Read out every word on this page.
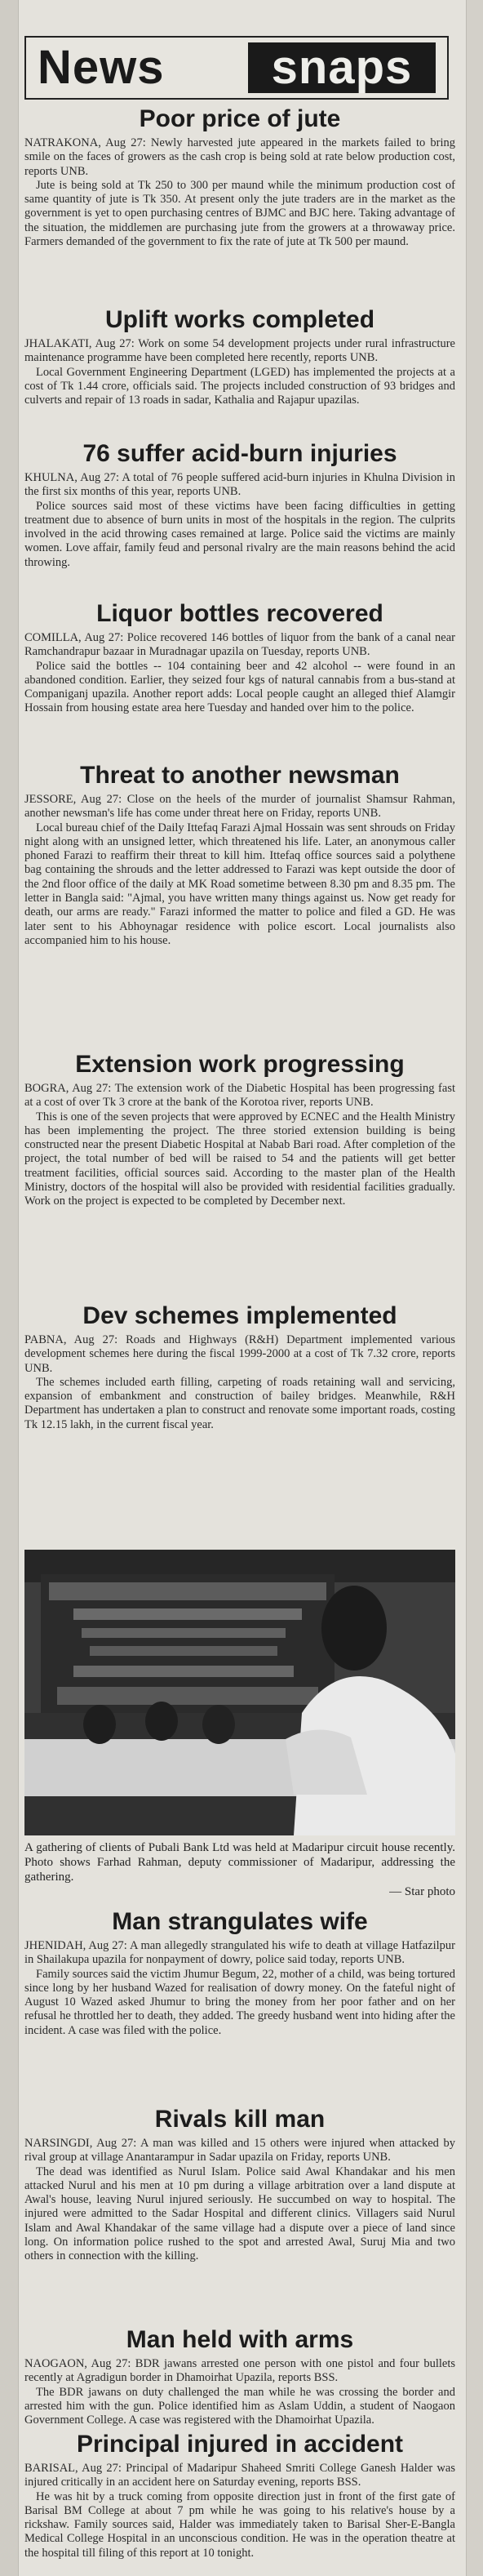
News	snaps
Poor price of jute

NATRAKONA, Aug 27: Newly harvested jute appeared in the markets failed to bring smile on the faces of growers as the cash crop is being sold at rate below production cost, reports UNB.

Jute is being sold at Tk 250 to 300 per maund while the minimum production cost of same quantity of jute is Tk 350. At present only the jute traders are in the market as the government is yet to open purchasing centres of BJMC and BJC here. Taking advantage of the situation, the middlemen are purchasing jute from the growers at a throwaway price. Farmers demanded of the government to fix the rate of jute at Tk 500 per maund.

Uplift works completed

JHALAKATI, Aug 27: Work on some 54 development projects under rural infrastructure maintenance programme have been completed here recently, reports UNB.

Local Government Engineering Department (LGED) has implemented the projects at a cost of Tk 1.44 crore, officials said. The projects included construction of 93 bridges and culverts and repair of 13 roads in sadar, Kathalia and Rajapur upazilas.

76 suffer acid-burn injuries

KHULNA, Aug 27: A total of 76 people suffered acid-burn injuries in Khulna Division in the first six months of this year, reports UNB.

Police sources said most of these victims have been facing difficulties in getting treatment due to absence of burn units in most of the hospitals in the region. The culprits involved in the acid throwing cases remained at large. Police said the victims are mainly women. Love affair, family feud and personal rivalry are the main reasons behind the acid throwing.

Liquor bottles recovered

COMILLA, Aug 27: Police recovered 146 bottles of liquor from the bank of a canal near Ramchandrapur bazaar in Muradnagar upazila on Tuesday, reports UNB.

Police said the bottles -- 104 containing beer and 42 alcohol -- were found in an abandoned condition. Earlier, they seized four kgs of natural cannabis from a bus-stand at Companiganj upazila. Another report adds: Local people caught an alleged thief Alamgir Hossain from housing estate area here Tuesday and handed over him to the police.

Threat to another newsman

JESSORE, Aug 27: Close on the heels of the murder of journalist Shamsur Rahman, another newsman's life has come under threat here on Friday, reports UNB.

Local bureau chief of the Daily Ittefaq Farazi Ajmal Hossain was sent shrouds on Friday night along with an unsigned letter, which threatened his life. Later, an anonymous caller phoned Farazi to reaffirm their threat to kill him. Ittefaq office sources said a polythene bag containing the shrouds and the letter addressed to Farazi was kept outside the door of the 2nd floor office of the daily at MK Road sometime between 8.30 pm and 8.35 pm. The letter in Bangla said: "Ajmal, you have written many things against us. Now get ready for death, our arms are ready." Farazi informed the matter to police and filed a GD. He was later sent to his Abhoynagar residence with police escort. Local journalists also accompanied him to his house.

Extension work progressing

BOGRA, Aug 27: The extension work of the Diabetic Hospital has been progressing fast at a cost of over Tk 3 crore at the bank of the Korotoa river, reports UNB.

This is one of the seven projects that were approved by ECNEC and the Health Ministry has been implementing the project. The three storied extension building is being constructed near the present Diabetic Hospital at Nabab Bari road. After completion of the project, the total number of bed will be raised to 54 and the patients will get better treatment facilities, official sources said. According to the master plan of the Health Ministry, doctors of the hospital will also be provided with residential facilities gradually. Work on the project is expected to be completed by December next.

Dev schemes implemented

PABNA, Aug 27: Roads and Highways (R&H) Department implemented various development schemes here during the fiscal 1999-2000 at a cost of Tk 7.32 crore, reports UNB.

The schemes included earth filling, carpeting of roads retaining wall and servicing, expansion of embankment and construction of bailey bridges. Meanwhile, R&H Department has undertaken a plan to construct and renovate some important roads, costing Tk 12.15 lakh, in the current fiscal year.

A gathering of clients of Pubali Bank Ltd was held at Madaripur circuit house recently. Photo shows Farhad Rahman, deputy commissioner of Madaripur, addressing the gathering.
— Star photo
Man strangulates wife

JHENIDAH, Aug 27: A man allegedly strangulated his wife to death at village Hatfazilpur in Shailakupa upazila for nonpayment of dowry, police said today, reports UNB.

Family sources said the victim Jhumur Begum, 22, mother of a child, was being tortured since long by her husband Wazed for realisation of dowry money. On the fateful night of August 10 Wazed asked Jhumur to bring the money from her poor father and on her refusal he throttled her to death, they added. The greedy husband went into hiding after the incident. A case was filed with the police.

Rivals kill man

NARSINGDI, Aug 27: A man was killed and 15 others were injured when attacked by rival group at village Anantarampur in Sadar upazila on Friday, reports UNB.

The dead was identified as Nurul Islam. Police said Awal Khandakar and his men attacked Nurul and his men at 10 pm during a village arbitration over a land dispute at Awal's house, leaving Nurul injured seriously. He succumbed on way to hospital. The injured were admitted to the Sadar Hospital and different clinics. Villagers said Nurul Islam and Awal Khandakar of the same village had a dispute over a piece of land since long. On information police rushed to the spot and arrested Awal, Suruj Mia and two others in connection with the killing.

Man held with arms

NAOGAON, Aug 27: BDR jawans arrested one person with one pistol and four bullets recently at Agradigun border in Dhamoirhat Upazila, reports BSS.

The BDR jawans on duty challenged the man while he was crossing the border and arrested him with the gun. Police identified him as Aslam Uddin, a student of Naogaon Government College. A case was registered with the Dhamoirhat Upazila.

Principal injured in accident

BARISAL, Aug 27: Principal of Madaripur Shaheed Smriti College Ganesh Halder was injured critically in an accident here on Saturday evening, reports BSS.

He was hit by a truck coming from opposite direction just in front of the first gate of Barisal BM College at about 7 pm while he was going to his relative's house by a rickshaw. Family sources said, Halder was immediately taken to Barisal Sher-E-Bangla Medical College Hospital in an unconscious condition. He was in the operation theatre at the hospital till filing of this report at 10 tonight.
